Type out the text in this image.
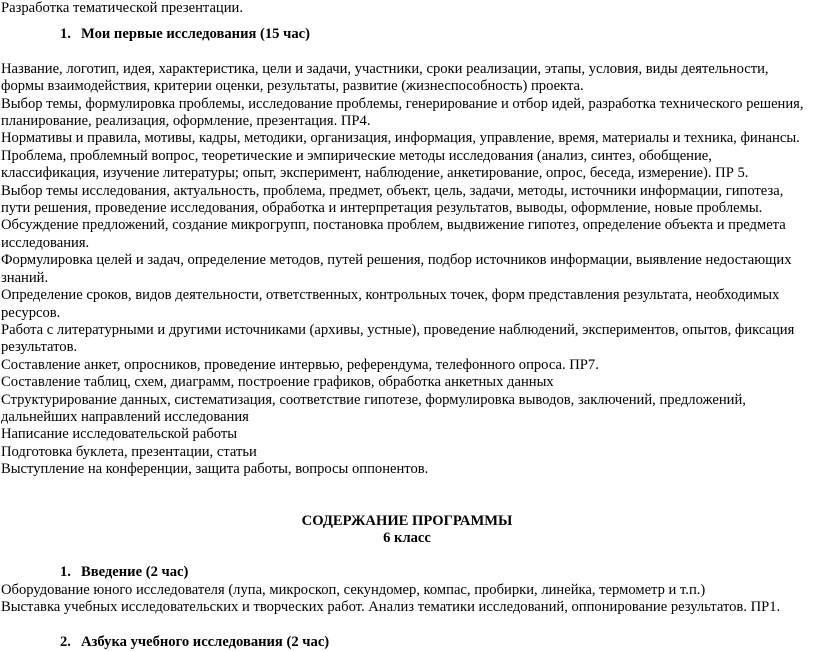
Разработка тематической презентации.

1. Мои первые исследования (15 час)

Название, логотип, идея, характеристика, цели и задачи, участники, сроки реализации, этапы, условия, виды деятельности, формы взаимодействия, критерии оценки, результаты, развитие (жизнеспособность) проекта.

Выбор темы, формулировка проблемы, исследование проблемы, генерирование и отбор идей, разработка технического решения, планирование, реализация, оформление, презентация. ПР4.

Нормативы и правила, мотивы, кадры, методики, организация, информация, управление, время, материалы и техника, финансы.

Проблема, проблемный вопрос, теоретические и эмпирические методы исследования (анализ, синтез, обобщение, классификация, изучение литературы; опыт, эксперимент, наблюдение, анкетирование, опрос, беседа, измерение). ПР 5.

Выбор темы исследования, актуальность, проблема, предмет, объект, цель, задачи, методы, источники информации, гипотеза, пути решения, проведение исследования, обработка и интерпретация результатов, выводы, оформление, новые проблемы.

Обсуждение предложений, создание микрогрупп, постановка проблем, выдвижение гипотез, определение объекта и предмета исследования.

Формулировка целей и задач, определение методов, путей решения, подбор источников информации, выявление недостающих знаний.

Определение сроков, видов деятельности, ответственных, контрольных точек, форм представления результата, необходимых ресурсов.

Работа с литературными и другими источниками (архивы, устные), проведение наблюдений, экспериментов, опытов, фиксация результатов.

Составление анкет, опросников, проведение интервью, референдума, телефонного опроса. ПР7.

Составление таблиц, схем, диаграмм, построение графиков, обработка анкетных данных

Структурирование данных, систематизация, соответствие гипотезе, формулировка выводов, заключений, предложений, дальнейших направлений исследования

Написание исследовательской работы

Подготовка буклета, презентации, статьи

Выступление на конференции, защита работы, вопросы оппонентов.

СОДЕРЖАНИЕ ПРОГРАММЫ

6 класс

1. Введение (2 час)

Оборудование юного исследователя (лупа, микроскоп, секундомер, компас, пробирки, линейка, термометр и т.п.)

Выставка учебных исследовательских и творческих работ. Анализ тематики исследований, оппонирование результатов. ПР1.

2. Азбука учебного исследования (2 час)
